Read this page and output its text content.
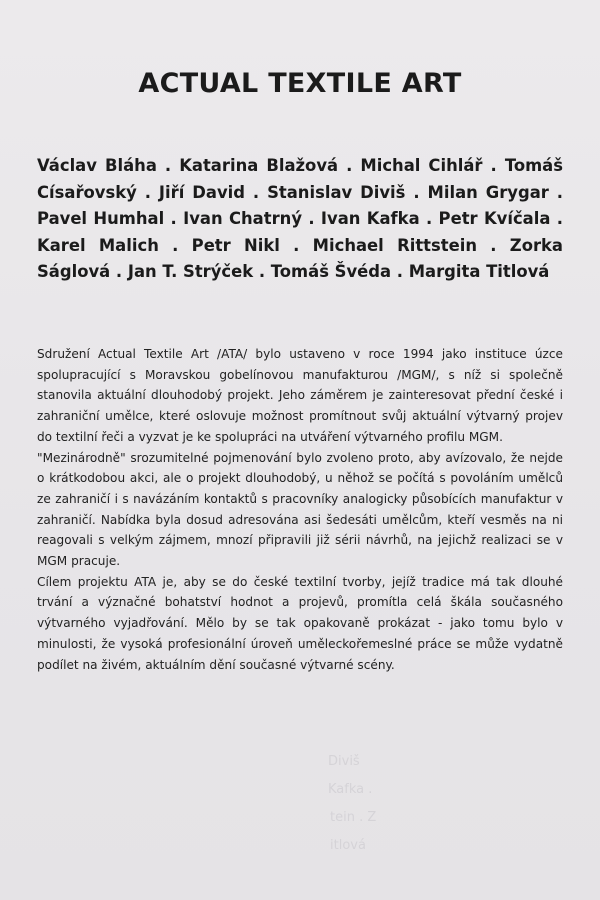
ACTUAL TEXTILE ART
Václav Bláha . Katarina Blažová . Michal Cihlář . Tomáš Císařovský . Jiří David . Stanislav Diviš . Milan Grygar . Pavel Humhal . Ivan Chatrný . Ivan Kafka . Petr Kvíčala . Karel Malich . Petr Nikl . Michael Rittstein . Zorka Ságlová . Jan T. Strýček . Tomáš Švéda . Margita Titlová

Sdružení Actual Textile Art /ATA/ bylo ustaveno v roce 1994 jako instituce úzce spolupracující s Moravskou gobelínovou manufakturou /MGM/, s níž si společně stanovila aktuální dlouhodobý projekt. Jeho záměrem je zainteresovat přední české i zahraniční umělce, které oslovuje možnost promítnout svůj aktuální výtvarný projev do textilní řeči a vyzvat je ke spolupráci na utváření výtvarného profilu MGM.

"Mezinárodně" srozumitelné pojmenování bylo zvoleno proto, aby avízovalo, že nejde o krátkodobou akci, ale o projekt dlouhodobý, u něhož se počítá s povoláním umělců ze zahraničí i s navázáním kontaktů s pracovníky analogicky působících manufaktur v zahraničí. Nabídka byla dosud adresována asi šedesáti umělcům, kteří vesměs na ni reagovali s velkým zájmem, mnozí připravili již sérii návrhů, na jejichž realizaci se v MGM pracuje.

Cílem projektu ATA je, aby se do české textilní tvorby, jejíž tradice má tak dlouhé trvání a význačné bohatství hodnot a projevů, promítla celá škála současného výtvarného vyjadřování. Mělo by se tak opakovaně prokázat - jako tomu bylo v minulosti, že vysoká profesionální úroveň uměleckořemeslné práce se může vydatně podílet na živém, aktuálním dění současné výtvarné scény.

Diviš
Kafka .
tein . Z
itlová
